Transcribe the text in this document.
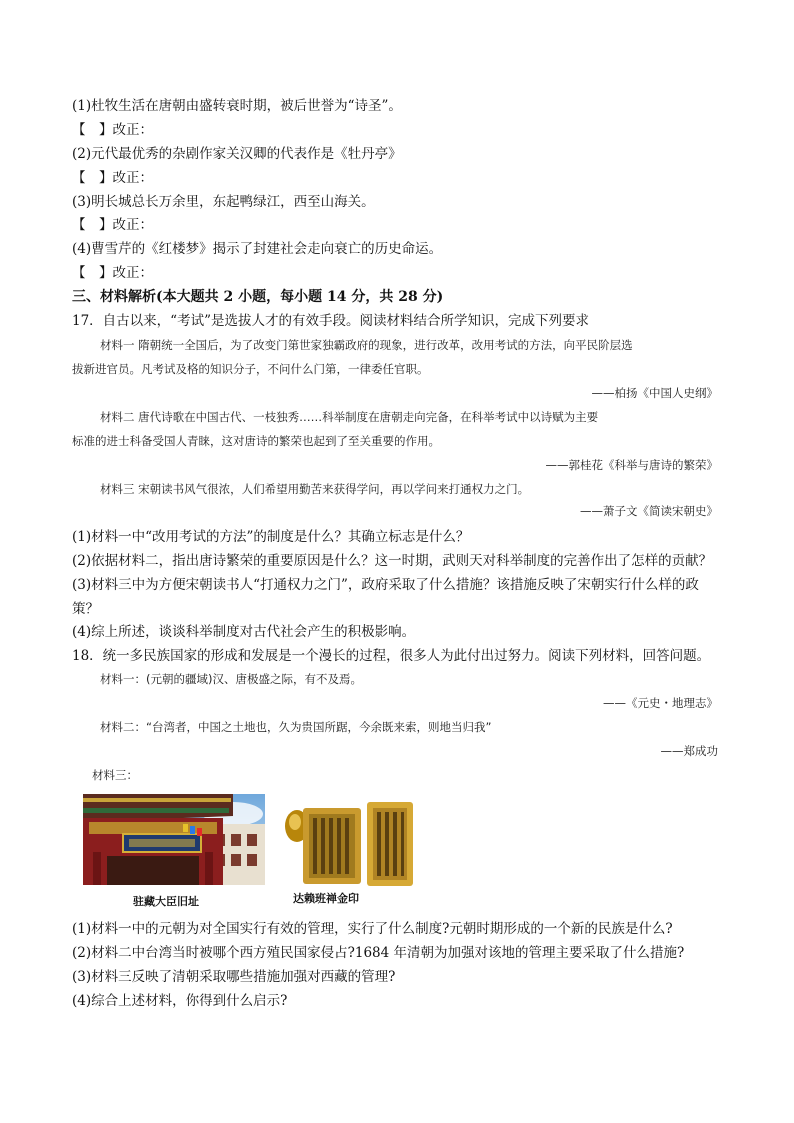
(1)杜牧生活在唐朝由盛转衰时期，被后世誉为“诗圣”。
【　】改正：
(2)元代最优秀的杂剧作家关汉卿的代表作是《牡丹亭》
【　】改正：
(3)明长城总长万余里，东起鸭绿江，西至山海关。
【　】改正：
(4)曹雪芹的《红楼梦》揭示了封建社会走向衰亡的历史命运。
【　】改正：
三、材料解析(本大题共 2 小题，每小题 14 分，共 28 分)
17．自古以来，“考试”是选拔人才的有效手段。阅读材料结合所学知识，完成下列要求
材料一 隋朝统一全国后，为了改变门第世家独霸政府的现象，进行改革，改用考试的方法，向平民阶层选
拔新进官员。凡考试及格的知识分子，不问什么门第，一律委任官职。
——柏扬《中国人史纲》
材料二 唐代诗歌在中国古代、一枝独秀……科举制度在唐朝走向完备，在科举考试中以诗赋为主要
标准的进士科备受国人青睐，这对唐诗的繁荣也起到了至关重要的作用。
——郭桂花《科举与唐诗的繁荣》
材料三 宋朝读书风气很浓，人们希望用勤苦来获得学问，再以学问来打通权力之门。
——萧子文《简读宋朝史》
(1)材料一中“改用考试的方法”的制度是什么？其确立标志是什么？
(2)依据材料二，指出唐诗繁荣的重要原因是什么？这一时期，武则天对科举制度的完善作出了怎样的贡献？
(3)材料三中为方便宋朝读书人“打通权力之门”，政府采取了什么措施？该措施反映了宋朝实行什么样的政
策？
(4)综上所述，谈谈科举制度对古代社会产生的积极影响。
18．统一多民族国家的形成和发展是一个漫长的过程，很多人为此付出过努力。阅读下列材料，回答问题。
材料一：(元朝的疆域)汉、唐极盛之际，有不及焉。
——《元史・地理志》
材料二：“台湾者，中国之土地也，久为贵国所踞，今余既来索，则地当归我”
——郑成功
材料三：
驻藏大臣旧址	达赖班禅金印
(1)材料一中的元朝为对全国实行有效的管理，实行了什么制度?元朝时期形成的一个新的民族是什么?
(2)材料二中台湾当时被哪个西方殖民国家侵占?1684 年清朝为加强对该地的管理主要采取了什么措施?
(3)材料三反映了清朝采取哪些措施加强对西藏的管理?
(4)综合上述材料，你得到什么启示?
